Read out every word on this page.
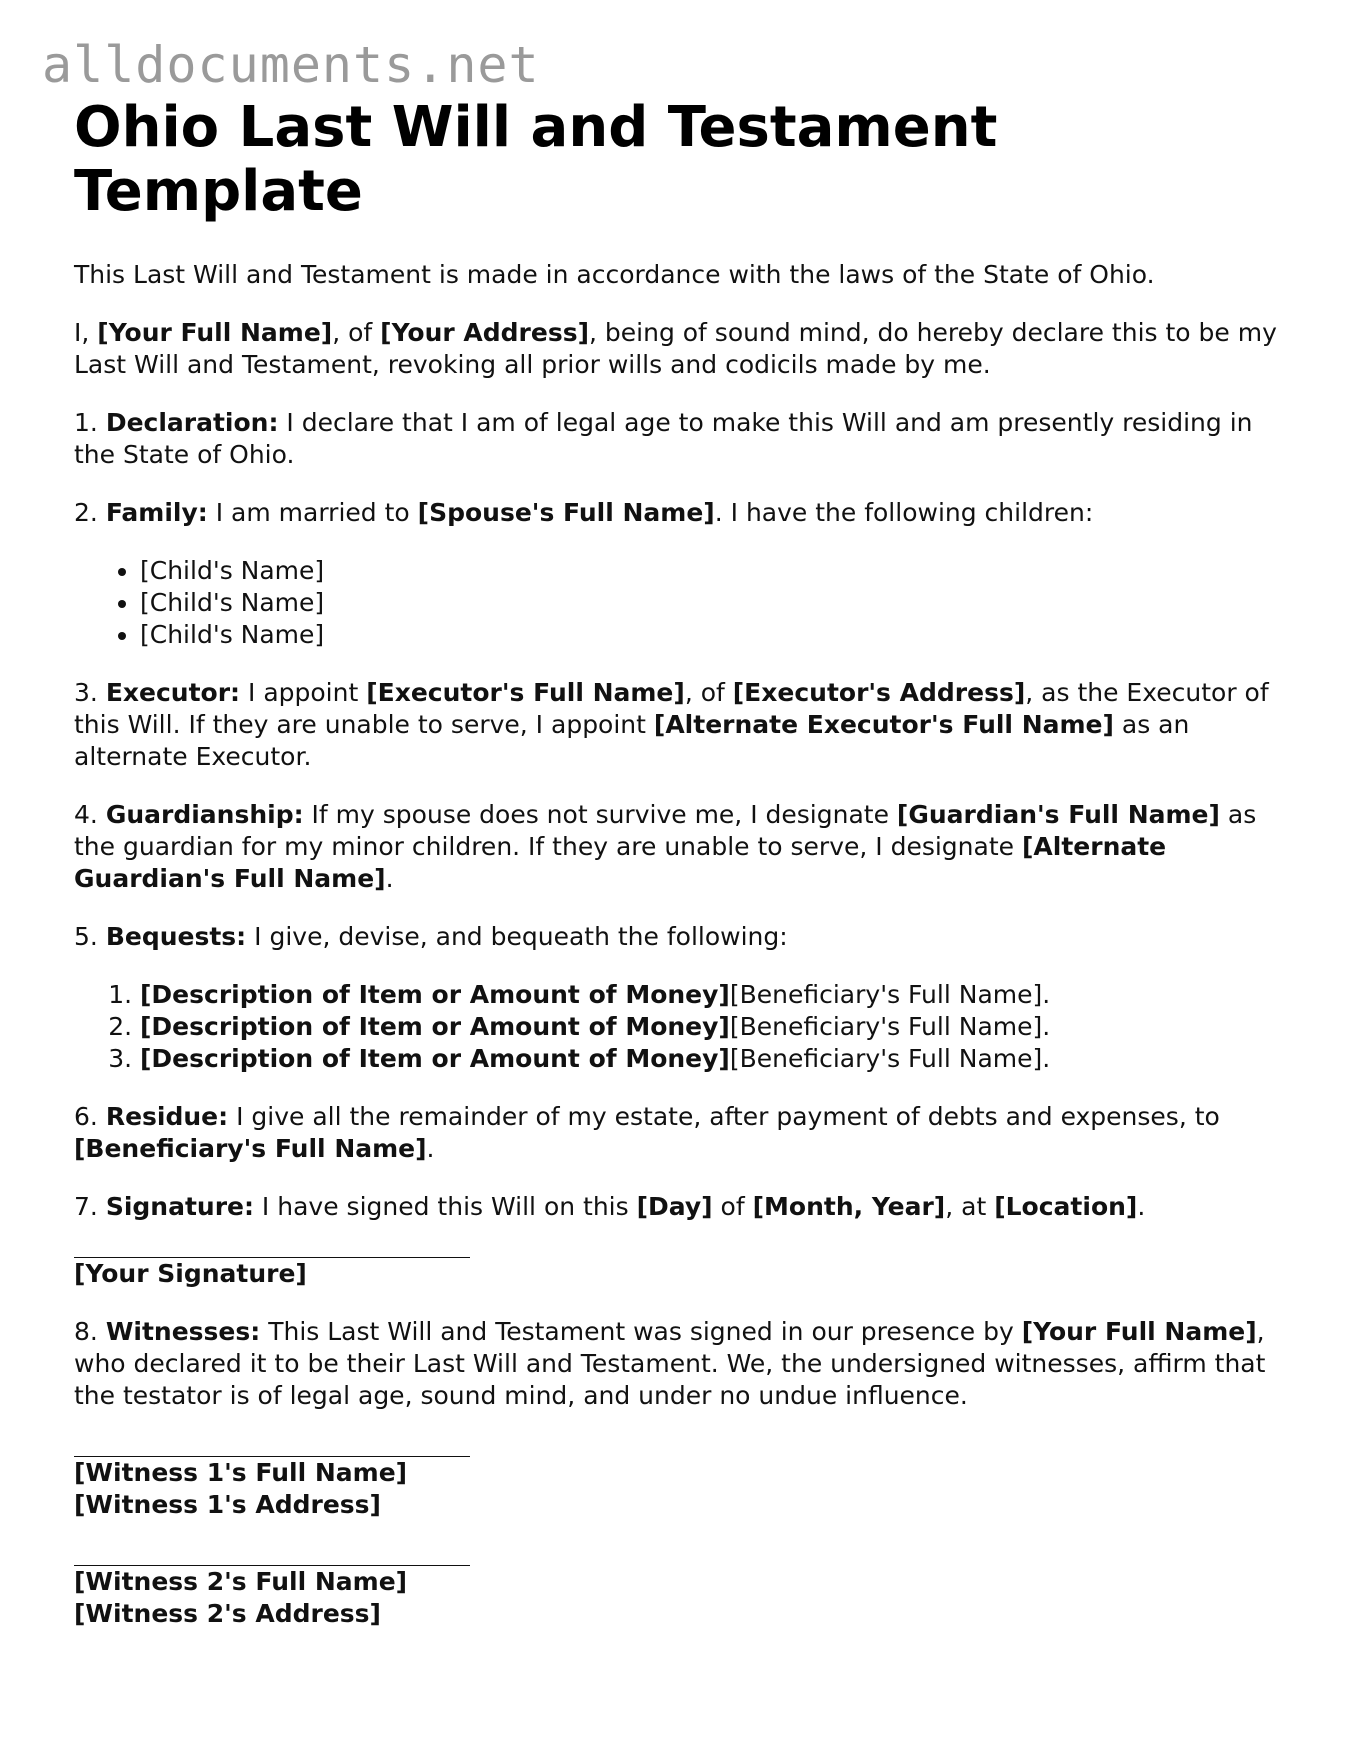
alldocuments.net
Ohio Last Will and Testament Template

This Last Will and Testament is made in accordance with the laws of the State of Ohio.

I, [Your Full Name], of [Your Address], being of sound mind, do hereby declare this to be my Last Will and Testament, revoking all prior wills and codicils made by me.

1. Declaration: I declare that I am of legal age to make this Will and am presently residing in the State of Ohio.

2. Family: I am married to [Spouse's Full Name]. I have the following children:

• [Child's Name]
• [Child's Name]
• [Child's Name]

3. Executor: I appoint [Executor's Full Name], of [Executor's Address], as the Executor of this Will. If they are unable to serve, I appoint [Alternate Executor's Full Name] as an alternate Executor.

4. Guardianship: If my spouse does not survive me, I designate [Guardian's Full Name] as the guardian for my minor children. If they are unable to serve, I designate [Alternate Guardian's Full Name].

5. Bequests: I give, devise, and bequeath the following:

1. [Description of Item or Amount of Money][Beneficiary's Full Name].
2. [Description of Item or Amount of Money][Beneficiary's Full Name].
3. [Description of Item or Amount of Money][Beneficiary's Full Name].

6. Residue: I give all the remainder of my estate, after payment of debts and expenses, to [Beneficiary's Full Name].

7. Signature: I have signed this Will on this [Day] of [Month, Year], at [Location].

[Your Signature]

8. Witnesses: This Last Will and Testament was signed in our presence by [Your Full Name], who declared it to be their Last Will and Testament. We, the undersigned witnesses, affirm that the testator is of legal age, sound mind, and under no undue influence.

[Witness 1's Full Name]
[Witness 1's Address]
[Witness 2's Full Name]
[Witness 2's Address]
